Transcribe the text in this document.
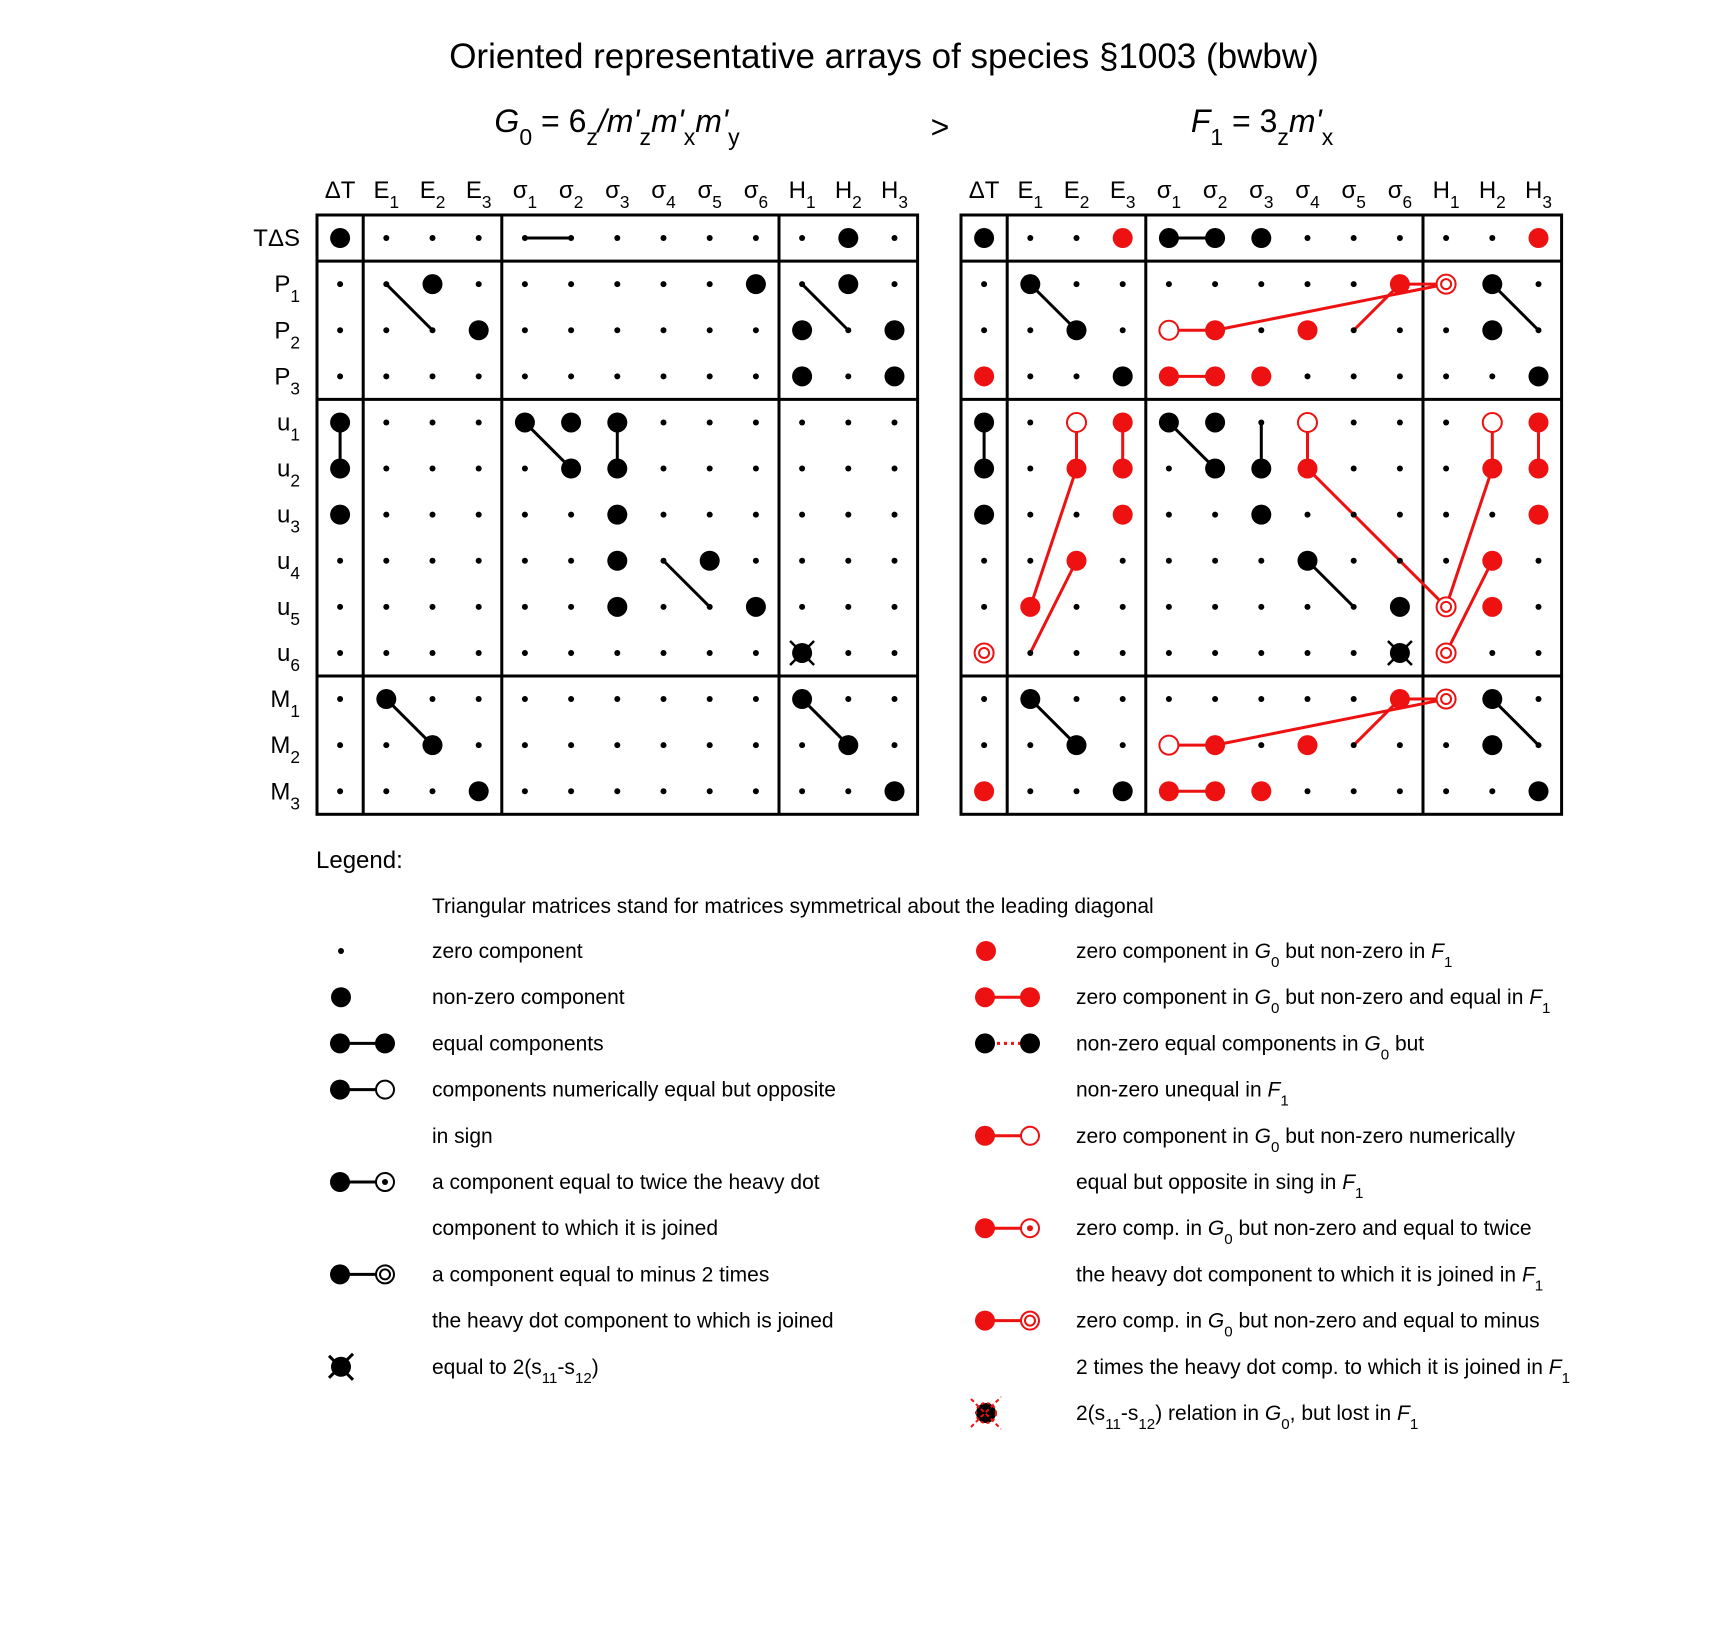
Oriented representative arrays of species §1003 (bwbw)
$G_0 = 6_z/m'_zm'_xm'_y$	$F_1 = 3_zm'_x$
>
ΔT $E_1$ $E_2$ $E_3$ $\sigma_1$ $\sigma_2$ $\sigma_3$ $\sigma_4$ $\sigma_5$ $\sigma_6$ $H_1$ $H_2$ $H_3$
TΔS
$P_1$
$P_2$
$P_3$
$u_1$
$u_2$
$u_3$
$u_4$
$u_5$
$u_6$
$M_1$
$M_2$
$M_3$
ΔT $E_1$ $E_2$ $E_3$ $\sigma_1$ $\sigma_2$ $\sigma_3$ $\sigma_4$ $\sigma_5$ $\sigma_6$ $H_1$ $H_2$ $H_3$
Legend:
Triangular matrices stand for matrices symmetrical about the leading diagonal
zero component
non-zero component
equal components
components numerically equal but opposite
in sign
a component equal to twice the heavy dot
component to which it is joined
a component equal to minus 2 times
the heavy dot component to which is joined
equal to $2(s_{11}-s_{12})$
zero component in $G_0$ but non-zero in $F_1$
zero component in $G_0$ but non-zero and equal in $F_1$
non-zero equal components in $G_0$ but
non-zero unequal in $F_1$
zero component in $G_0$ but non-zero numerically
equal but opposite in sing in $F_1$
zero comp. in $G_0$ but non-zero and equal to twice
the heavy dot component to which it is joined in $F_1$
zero comp. in $G_0$ but non-zero and equal to minus
2 times the heavy dot comp. to which it is joined in $F_1$
$2(s_{11}-s_{12})$ relation in $G_0$, but lost in $F_1$
